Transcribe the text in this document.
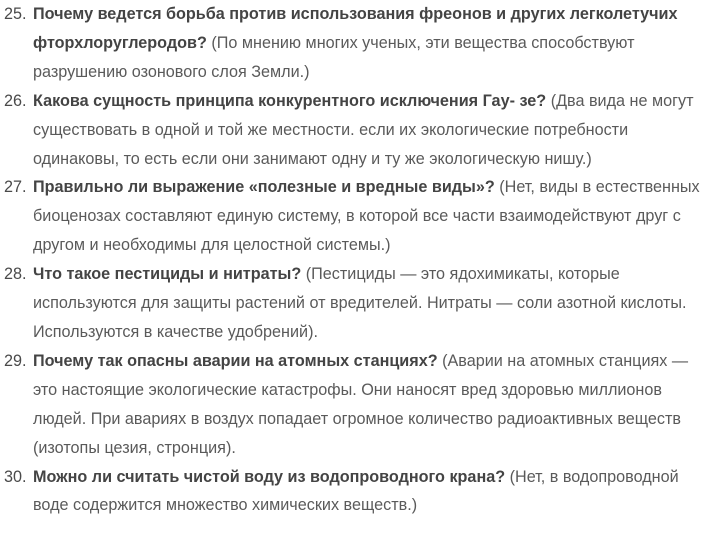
25. Почему ведется борьба против использования фреонов и других легколетучих фторхлоруглеродов? (По мнению многих ученых, эти вещества способствуют разрушению озонового слоя Земли.)
26. Какова сущность принципа конкурентного исключения Гау- зе? (Два вида не могут существовать в одной и той же местности. если их экологические потребности одинаковы, то есть если они занимают одну и ту же экологическую нишу.)
27. Правильно ли выражение «полезные и вредные виды»? (Нет, виды в естественных биоценозах составляют единую систему, в которой все части взаимодействуют друг с другом и необходимы для целостной системы.)
28. Что такое пестициды и нитраты? (Пестициды — это ядохимикаты, которые используются для защиты растений от вредителей. Нитраты — соли азотной кислоты. Используются в качестве удобрений).
29. Почему так опасны аварии на атомных станциях? (Аварии на атомных станциях — это настоящие экологические катастрофы. Они наносят вред здоровью миллионов людей. При авариях в воздух попадает огромное количество радиоактивных веществ (изотопы цезия, стронция).
30. Можно ли считать чистой воду из водопроводного крана? (Нет, в водопроводной воде содержится множество химических веществ.)
